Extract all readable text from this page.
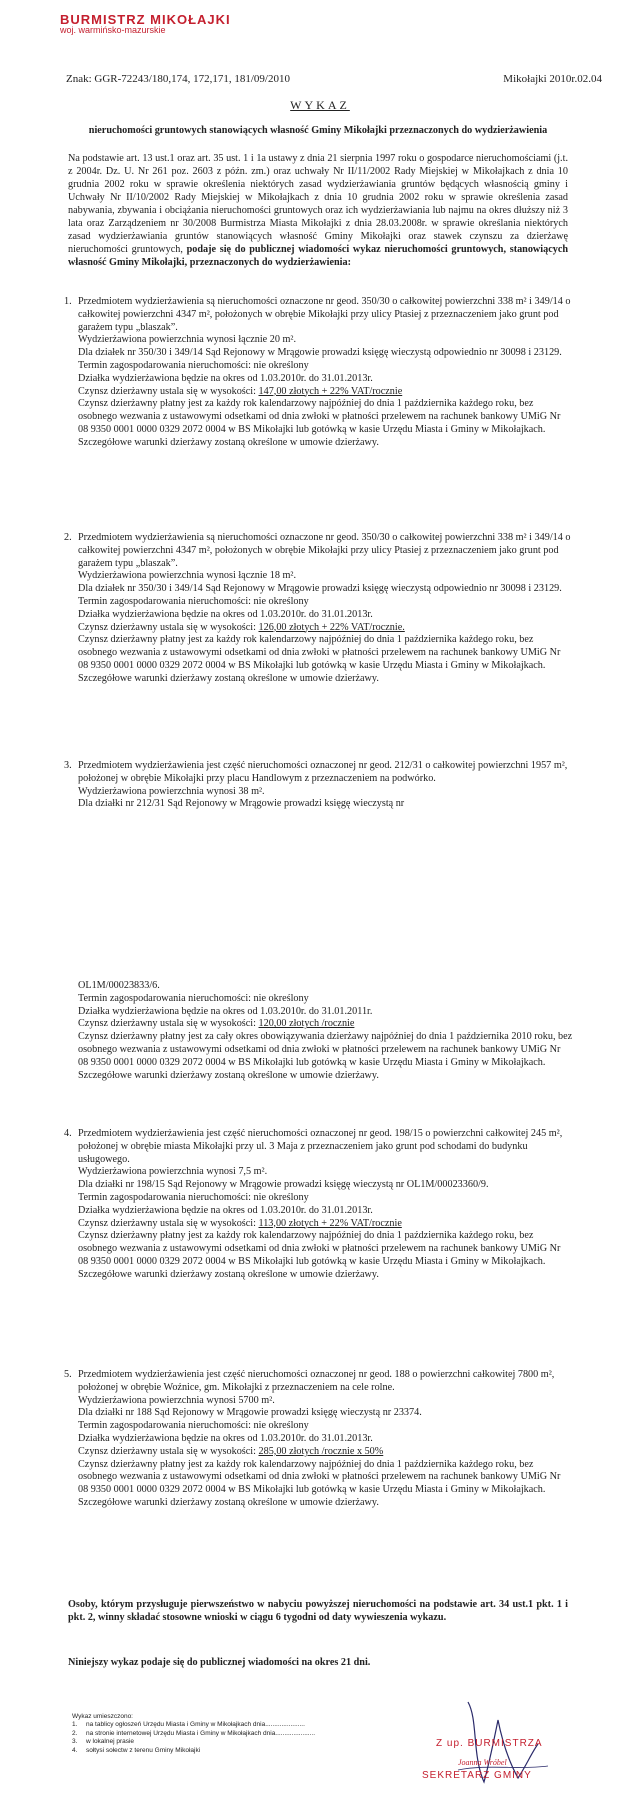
BURMISTRZ MIKOŁAJKI
woj. warmińsko-mazurskie
Znak: GGR-72243/180,174, 172,171, 181/09/2010	Mikołajki 2010r.02.04
WYKAZ
nieruchomości gruntowych stanowiących własność Gminy Mikołajki przeznaczonych do wydzierżawienia
Na podstawie art. 13 ust.1 oraz art. 35 ust. 1 i 1a ustawy z dnia 21 sierpnia 1997 roku o gospodarce nieruchomościami (j.t. z 2004r. Dz. U. Nr 261 poz. 2603 z późn. zm.) oraz uchwały Nr II/11/2002 Rady Miejskiej w Mikołajkach z dnia 10 grudnia 2002 roku w sprawie określenia niektórych zasad wydzierżawiania gruntów będących własnością gminy i Uchwały Nr II/10/2002 Rady Miejskiej w Mikołajkach z dnia 10 grudnia 2002 roku w sprawie określenia zasad nabywania, zbywania i obciążania nieruchomości gruntowych oraz ich wydzierżawiania lub najmu na okres dłuższy niż 3 lata oraz Zarządzeniem nr 30/2008 Burmistrza Miasta Mikołajki z dnia 28.03.2008r. w sprawie określania niektórych zasad wydzierżawiania gruntów stanowiących własność Gminy Mikołajki oraz stawek czynszu za dzierżawę nieruchomości gruntowych, podaje się do publicznej wiadomości wykaz nieruchomości gruntowych, stanowiących własność Gminy Mikołajki, przeznaczonych do wydzierżawienia:
1. Przedmiotem wydzierżawienia są nieruchomości oznaczone nr geod. 350/30 o całkowitej powierzchni 338 m² i 349/14 o całkowitej powierzchni 4347 m², położonych w obrębie Mikołajki przy ulicy Ptasiej z przeznaczeniem jako grunt pod garażem typu „blaszak”.
Wydzierżawiona powierzchnia wynosi łącznie 20 m².
Dla działek nr 350/30 i 349/14 Sąd Rejonowy w Mrągowie prowadzi księgę wieczystą odpowiednio nr 30098 i 23129.
Termin zagospodarowania nieruchomości: nie określony
Działka wydzierżawiona będzie na okres od 1.03.2010r. do 31.01.2013r.
Czynsz dzierżawny ustala się w wysokości: 147,00 złotych + 22% VAT/rocznie
Czynsz dzierżawny płatny jest za każdy rok kalendarzowy najpóźniej do dnia 1 października każdego roku, bez osobnego wezwania z ustawowymi odsetkami od dnia zwłoki w płatności przelewem na rachunek bankowy UMiG Nr 08 9350 0001 0000 0329 2072 0004 w BS Mikołajki lub gotówką w kasie Urzędu Miasta i Gminy w Mikołajkach.
Szczegółowe warunki dzierżawy zostaną określone w umowie dzierżawy.
2. Przedmiotem wydzierżawienia są nieruchomości oznaczone nr geod. 350/30 o całkowitej powierzchni 338 m² i 349/14 o całkowitej powierzchni 4347 m², położonych w obrębie Mikołajki przy ulicy Ptasiej z przeznaczeniem jako grunt pod garażem typu „blaszak”.
Wydzierżawiona powierzchnia wynosi łącznie 18 m².
Dla działek nr 350/30 i 349/14 Sąd Rejonowy w Mrągowie prowadzi księgę wieczystą odpowiednio nr 30098 i 23129.
Termin zagospodarowania nieruchomości: nie określony
Działka wydzierżawiona będzie na okres od 1.03.2010r. do 31.01.2013r.
Czynsz dzierżawny ustala się w wysokości: 126,00 złotych + 22% VAT/rocznie.
Czynsz dzierżawny płatny jest za każdy rok kalendarzowy najpóźniej do dnia 1 października każdego roku, bez osobnego wezwania z ustawowymi odsetkami od dnia zwłoki w płatności przelewem na rachunek bankowy UMiG Nr 08 9350 0001 0000 0329 2072 0004 w BS Mikołajki lub gotówką w kasie Urzędu Miasta i Gminy w Mikołajkach.
Szczegółowe warunki dzierżawy zostaną określone w umowie dzierżawy.
3. Przedmiotem wydzierżawienia jest część nieruchomości oznaczonej nr geod. 212/31 o całkowitej powierzchni 1957 m², położonej w obrębie Mikołajki przy placu Handlowym z przeznaczeniem na podwórko.
Wydzierżawiona powierzchnia wynosi 38 m².
Dla działki nr 212/31 Sąd Rejonowy w Mrągowie prowadzi księgę wieczystą nr
OL1M/00023833/6.
Termin zagospodarowania nieruchomości: nie określony
Działka wydzierżawiona będzie na okres od 1.03.2010r. do 31.01.2011r.
Czynsz dzierżawny ustala się w wysokości: 120,00 złotych /rocznie
Czynsz dzierżawny płatny jest za cały okres obowiązywania dzierżawy najpóźniej do dnia 1 października 2010 roku, bez osobnego wezwania z ustawowymi odsetkami od dnia zwłoki w płatności przelewem na rachunek bankowy UMiG Nr 08 9350 0001 0000 0329 2072 0004 w BS Mikołajki lub gotówką w kasie Urzędu Miasta i Gminy w Mikołajkach.
Szczegółowe warunki dzierżawy zostaną określone w umowie dzierżawy.
4. Przedmiotem wydzierżawienia jest część nieruchomości oznaczonej nr geod. 198/15 o powierzchni całkowitej 245 m², położonej w obrębie miasta Mikołajki przy ul. 3 Maja z przeznaczeniem jako grunt pod schodami do budynku usługowego.
Wydzierżawiona powierzchnia wynosi 7,5 m².
Dla działki nr 198/15 Sąd Rejonowy w Mrągowie prowadzi księgę wieczystą nr OL1M/00023360/9.
Termin zagospodarowania nieruchomości: nie określony
Działka wydzierżawiona będzie na okres od 1.03.2010r. do 31.01.2013r.
Czynsz dzierżawny ustala się w wysokości: 113,00 złotych + 22% VAT/rocznie
Czynsz dzierżawny płatny jest za każdy rok kalendarzowy najpóźniej do dnia 1 października każdego roku, bez osobnego wezwania z ustawowymi odsetkami od dnia zwłoki w płatności przelewem na rachunek bankowy UMiG Nr 08 9350 0001 0000 0329 2072 0004 w BS Mikołajki lub gotówką w kasie Urzędu Miasta i Gminy w Mikołajkach.
Szczegółowe warunki dzierżawy zostaną określone w umowie dzierżawy.
5. Przedmiotem wydzierżawienia jest część nieruchomości oznaczonej nr geod. 188 o powierzchni całkowitej 7800 m², położonej w obrębie Woźnice, gm. Mikołajki z przeznaczeniem na cele rolne.
Wydzierżawiona powierzchnia wynosi 5700 m².
Dla działki nr 188 Sąd Rejonowy w Mrągowie prowadzi księgę wieczystą nr 23374.
Termin zagospodarowania nieruchomości: nie określony
Działka wydzierżawiona będzie na okres od 1.03.2010r. do 31.01.2013r.
Czynsz dzierżawny ustala się w wysokości: 285,00 złotych /rocznie x 50%
Czynsz dzierżawny płatny jest za każdy rok kalendarzowy najpóźniej do dnia 1 października każdego roku, bez osobnego wezwania z ustawowymi odsetkami od dnia zwłoki w płatności przelewem na rachunek bankowy UMiG Nr 08 9350 0001 0000 0329 2072 0004 w BS Mikołajki lub gotówką w kasie Urzędu Miasta i Gminy w Mikołajkach.
Szczegółowe warunki dzierżawy zostaną określone w umowie dzierżawy.
Osoby, którym przysługuje pierwszeństwo w nabyciu powyższej nieruchomości na podstawie art. 34 ust.1 pkt. 1 i pkt. 2, winny składać stosowne wnioski w ciągu 6 tygodni od daty wywieszenia wykazu.
Niniejszy wykaz podaje się do publicznej wiadomości na okres 21 dni.
Wykaz umieszczono:
1. na tablicy ogłoszeń Urzędu Miasta i Gminy w Mikołajkach dnia......................
2. na stronie internetowej Urzędu Miasta i Gminy w Mikołajkach dnia......................
3. w lokalnej prasie
4. sołtysi sołectw z terenu Gminy Mikołajki
Z up. BURMISTRZA
Joanna Wróbel
SEKRETARZ GMINY
